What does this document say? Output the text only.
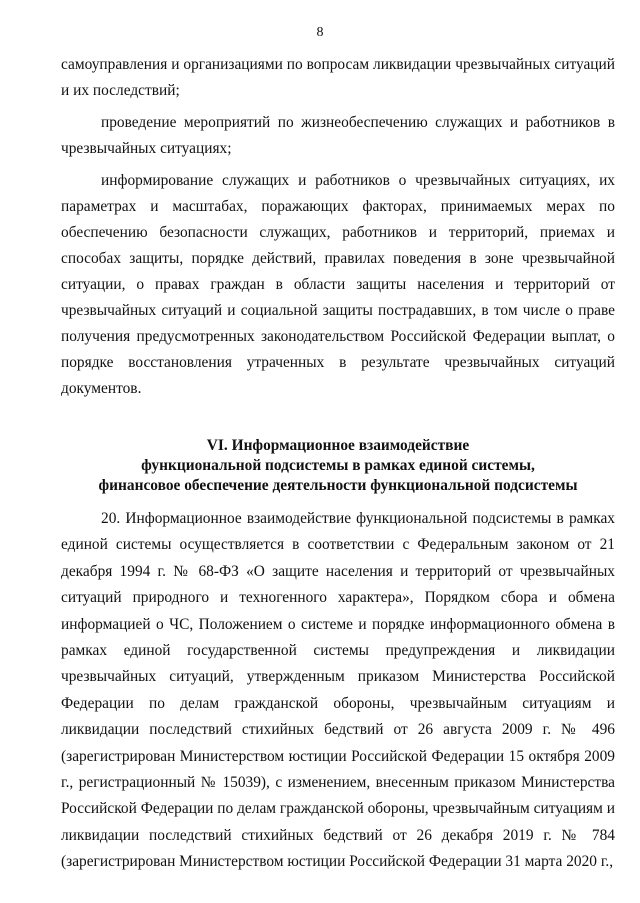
8

самоуправления и организациями по вопросам ликвидации чрезвычайных ситуаций и их последствий;

проведение мероприятий по жизнеобеспечению служащих и работников в чрезвычайных ситуациях;

информирование служащих и работников о чрезвычайных ситуациях, их параметрах и масштабах, поражающих факторах, принимаемых мерах по обеспечению безопасности служащих, работников и территорий, приемах и способах защиты, порядке действий, правилах поведения в зоне чрезвычайной ситуации, о правах граждан в области защиты населения и территорий от чрезвычайных ситуаций и социальной защиты пострадавших, в том числе о праве получения предусмотренных законодательством Российской Федерации выплат, о порядке восстановления утраченных в результате чрезвычайных ситуаций документов.

VI. Информационное взаимодействие
функциональной подсистемы в рамках единой системы,
финансовое обеспечение деятельности функциональной подсистемы

20. Информационное взаимодействие функциональной подсистемы в рамках единой системы осуществляется в соответствии с Федеральным законом от 21 декабря 1994 г. № 68-ФЗ «О защите населения и территорий от чрезвычайных ситуаций природного и техногенного характера», Порядком сбора и обмена информацией о ЧС, Положением о системе и порядке информационного обмена в рамках единой государственной системы предупреждения и ликвидации чрезвычайных ситуаций, утвержденным приказом Министерства Российской Федерации по делам гражданской обороны, чрезвычайным ситуациям и ликвидации последствий стихийных бедствий от 26 августа 2009 г. № 496 (зарегистрирован Министерством юстиции Российской Федерации 15 октября 2009 г., регистрационный № 15039), с изменением, внесенным приказом Министерства Российской Федерации по делам гражданской обороны, чрезвычайным ситуациям и ликвидации последствий стихийных бедствий от 26 декабря 2019 г. № 784 (зарегистрирован Министерством юстиции Российской Федерации 31 марта 2020 г.,
